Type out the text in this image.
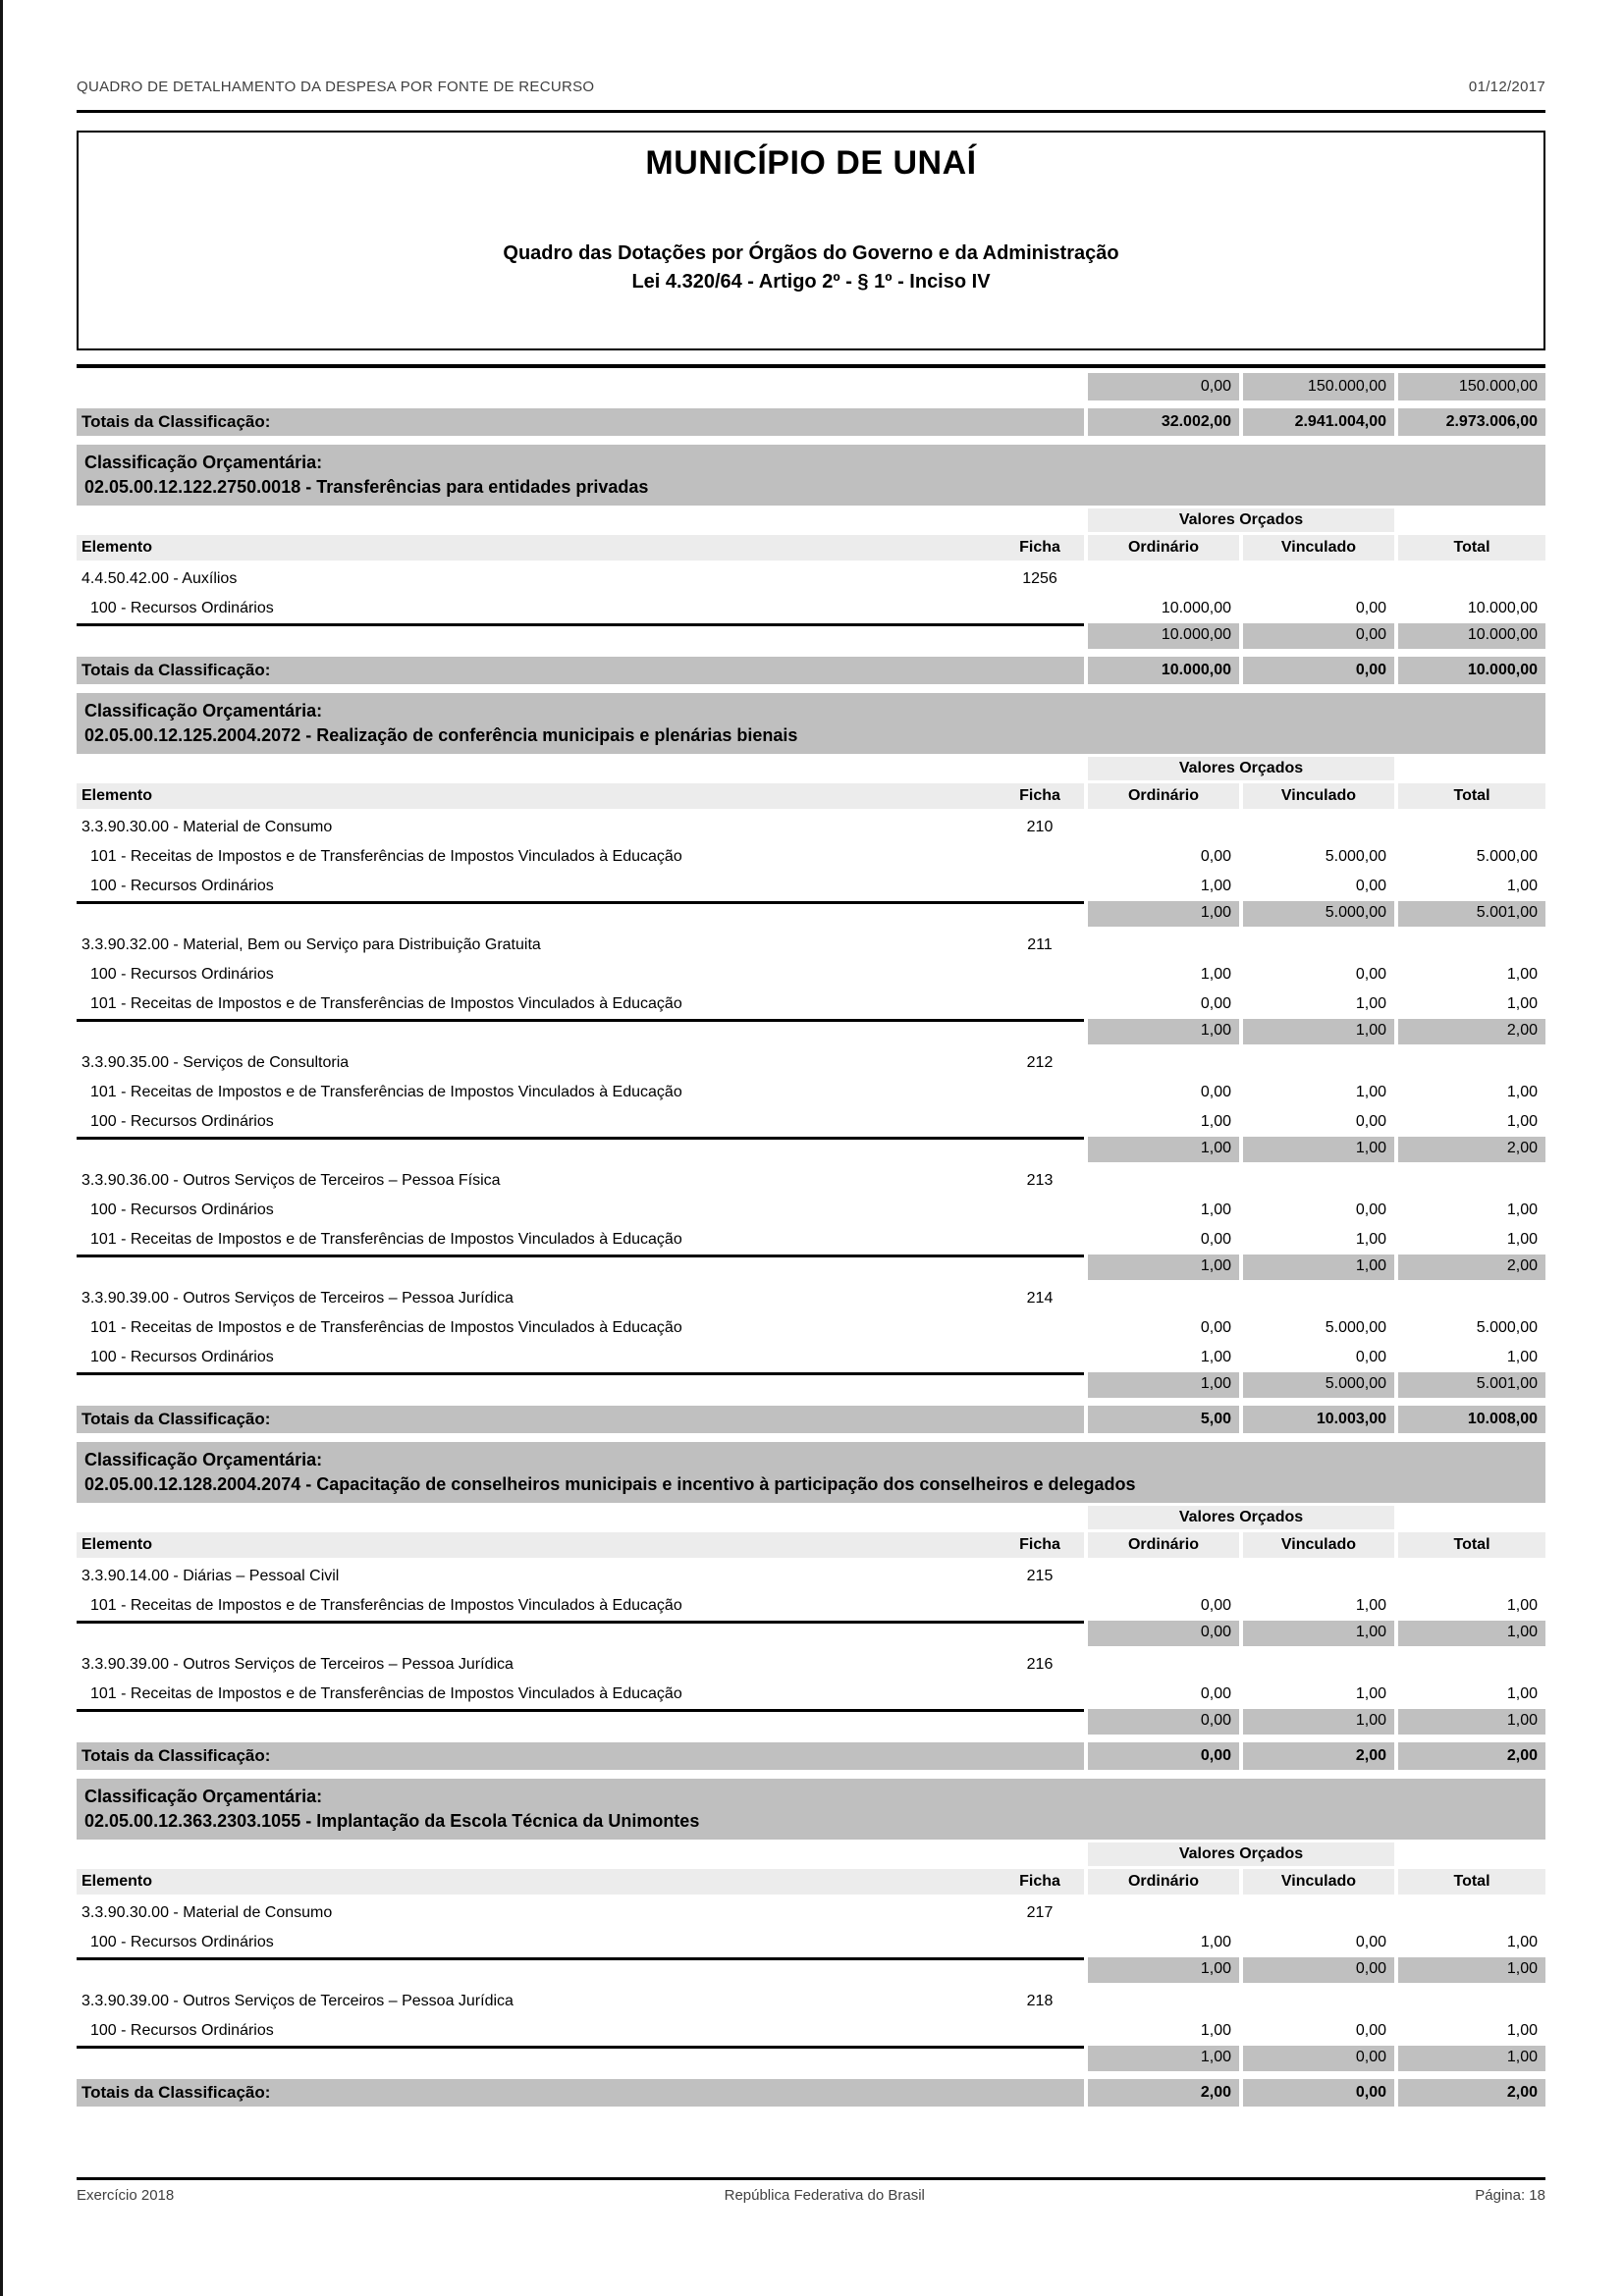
QUADRO DE DETALHAMENTO DA DESPESA POR FONTE DE RECURSO	01/12/2017
MUNICÍPIO DE UNAÍ
Quadro das Dotações por Órgãos do Governo e da Administração
Lei 4.320/64 - Artigo 2º - § 1º - Inciso IV
0,00	150.000,00	150.000,00
Totais da Classificação:	32.002,00	2.941.004,00	2.973.006,00
Classificação Orçamentária:
02.05.00.12.122.2750.0018 - Transferências para entidades privadas
Valores Orçados
Elemento	Ficha	Ordinário	Vinculado	Total
4.4.50.42.00 - Auxílios	1256
100 - Recursos Ordinários	10.000,00	0,00	10.000,00
10.000,00	0,00	10.000,00
Totais da Classificação:	10.000,00	0,00	10.000,00
Classificação Orçamentária:
02.05.00.12.125.2004.2072 - Realização de conferência municipais e plenárias bienais
Valores Orçados
Elemento	Ficha	Ordinário	Vinculado	Total
3.3.90.30.00 - Material de Consumo	210
101 - Receitas de Impostos e de Transferências de Impostos Vinculados à Educação	0,00	5.000,00	5.000,00
100 - Recursos Ordinários	1,00	0,00	1,00
1,00	5.000,00	5.001,00
3.3.90.32.00 - Material, Bem ou Serviço para Distribuição Gratuita	211
100 - Recursos Ordinários	1,00	0,00	1,00
101 - Receitas de Impostos e de Transferências de Impostos Vinculados à Educação	0,00	1,00	1,00
1,00	1,00	2,00
3.3.90.35.00 - Serviços de Consultoria	212
101 - Receitas de Impostos e de Transferências de Impostos Vinculados à Educação	0,00	1,00	1,00
100 - Recursos Ordinários	1,00	0,00	1,00
1,00	1,00	2,00
3.3.90.36.00 - Outros Serviços de Terceiros – Pessoa Física	213
100 - Recursos Ordinários	1,00	0,00	1,00
101 - Receitas de Impostos e de Transferências de Impostos Vinculados à Educação	0,00	1,00	1,00
1,00	1,00	2,00
3.3.90.39.00 - Outros Serviços de Terceiros – Pessoa Jurídica	214
101 - Receitas de Impostos e de Transferências de Impostos Vinculados à Educação	0,00	5.000,00	5.000,00
100 - Recursos Ordinários	1,00	0,00	1,00
1,00	5.000,00	5.001,00
Totais da Classificação:	5,00	10.003,00	10.008,00
Classificação Orçamentária:
02.05.00.12.128.2004.2074 - Capacitação de conselheiros municipais e incentivo à participação dos conselheiros e delegados
Valores Orçados
Elemento	Ficha	Ordinário	Vinculado	Total
3.3.90.14.00 - Diárias – Pessoal Civil	215
101 - Receitas de Impostos e de Transferências de Impostos Vinculados à Educação	0,00	1,00	1,00
0,00	1,00	1,00
3.3.90.39.00 - Outros Serviços de Terceiros – Pessoa Jurídica	216
101 - Receitas de Impostos e de Transferências de Impostos Vinculados à Educação	0,00	1,00	1,00
0,00	1,00	1,00
Totais da Classificação:	0,00	2,00	2,00
Classificação Orçamentária:
02.05.00.12.363.2303.1055 - Implantação da Escola Técnica da Unimontes
Valores Orçados
Elemento	Ficha	Ordinário	Vinculado	Total
3.3.90.30.00 - Material de Consumo	217
100 - Recursos Ordinários	1,00	0,00	1,00
1,00	0,00	1,00
3.3.90.39.00 - Outros Serviços de Terceiros – Pessoa Jurídica	218
100 - Recursos Ordinários	1,00	0,00	1,00
1,00	0,00	1,00
Totais da Classificação:	2,00	0,00	2,00
Exercício 2018	República Federativa do Brasil	Página: 18
